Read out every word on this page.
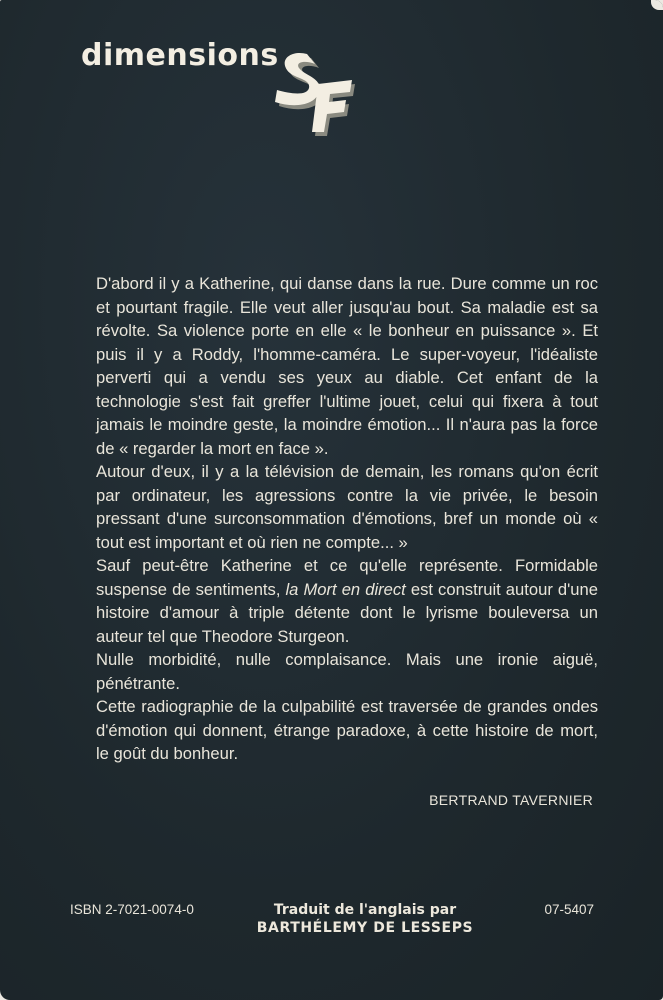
dimensions

D'abord il y a Katherine, qui danse dans la rue. Dure comme un roc et pourtant fragile. Elle veut aller jusqu'au bout. Sa maladie est sa révolte. Sa violence porte en elle « le bonheur en puissance ». Et puis il y a Roddy, l'homme-caméra. Le super-voyeur, l'idéaliste perverti qui a vendu ses yeux au diable. Cet enfant de la technologie s'est fait greffer l'ultime jouet, celui qui fixera à tout jamais le moindre geste, la moindre émotion... Il n'aura pas la force de « regarder la mort en face ».

Autour d'eux, il y a la télévision de demain, les romans qu'on écrit par ordinateur, les agressions contre la vie privée, le besoin pressant d'une surconsommation d'émotions, bref un monde où « tout est important et où rien ne compte... »

Sauf peut-être Katherine et ce qu'elle représente. Formidable suspense de sentiments, la Mort en direct est construit autour d'une histoire d'amour à triple détente dont le lyrisme bouleversa un auteur tel que Theodore Sturgeon.

Nulle morbidité, nulle complaisance. Mais une ironie aiguë, pénétrante.

Cette radiographie de la culpabilité est traversée de grandes ondes d'émotion qui donnent, étrange paradoxe, à cette histoire de mort, le goût du bonheur.

BERTRAND TAVERNIER
ISBN 2-7021-0074-0	Traduit de l'anglais par
BARTHÉLEMY DE LESSEPS
07-5407
